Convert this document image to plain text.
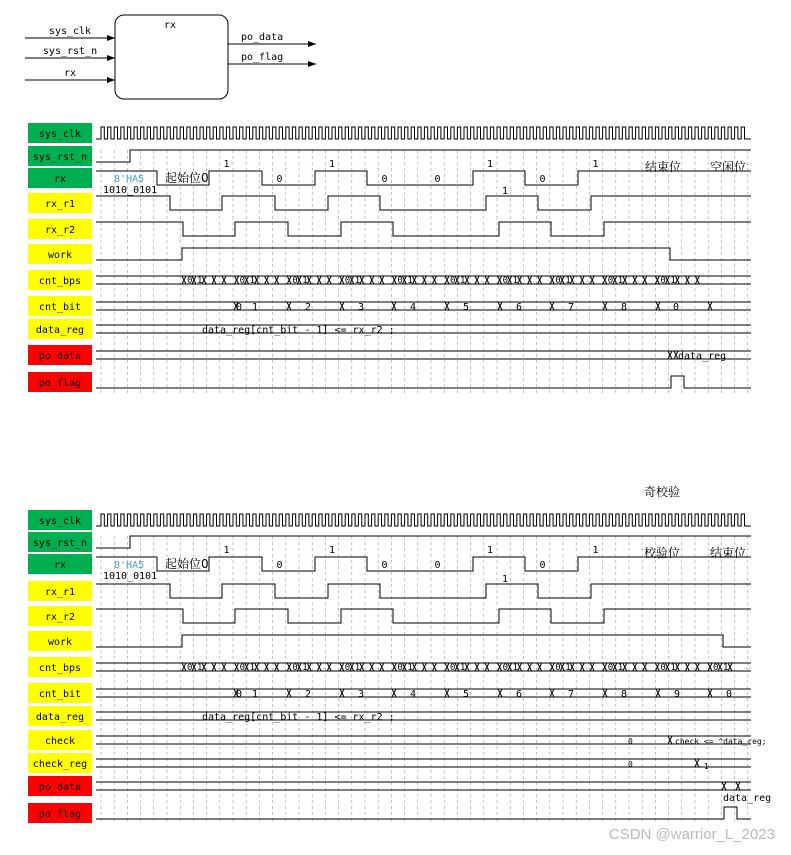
rx
sys_clk
sys_rst_n
rx
po_data
po_flag
sys_clk
sys_rst_n
rx
rx_r1
rx_r2
work
cnt_bps
cnt_bit
data_reg
po_data
po_flag
8'HA5
1010_0101
起始位0
1
0
1
0	0
1
0
1	结束位 空闲位
1
0 1	... 0 1	... 0 1	... 0 1	... 0 1	... 0 1	... 0 1	... 0 1	... 0 1	... 0 1	...
0 1	2	3	4	5	6	7	8	0
data_reg[cnt_bit - 1] <= rx_r2 ;
data_reg
sys_clk
sys_rst_n
rx
rx_r1
rx_r2
work
cnt_bps
cnt_bit
data_reg
check
check_reg
po_data
po_flag
奇校验
8'HA5
1010_0101
起始位0
1
0
1
0	0
1
0
1	校验位 结束位
1
0 1	... 0 1	... 0 1	... 0 1	... 0 1	... 0 1	... 0 1	... 0 1	... 0 1	... 0 1	... 0 1	...
0 1	2	3	4	5	6	7	8	9	0
data_reg[cnt_bit - 1] <= rx_r2 ;
0	check <= ^data_reg;
0	1
data_reg
CSDN @warrior_L_2023
